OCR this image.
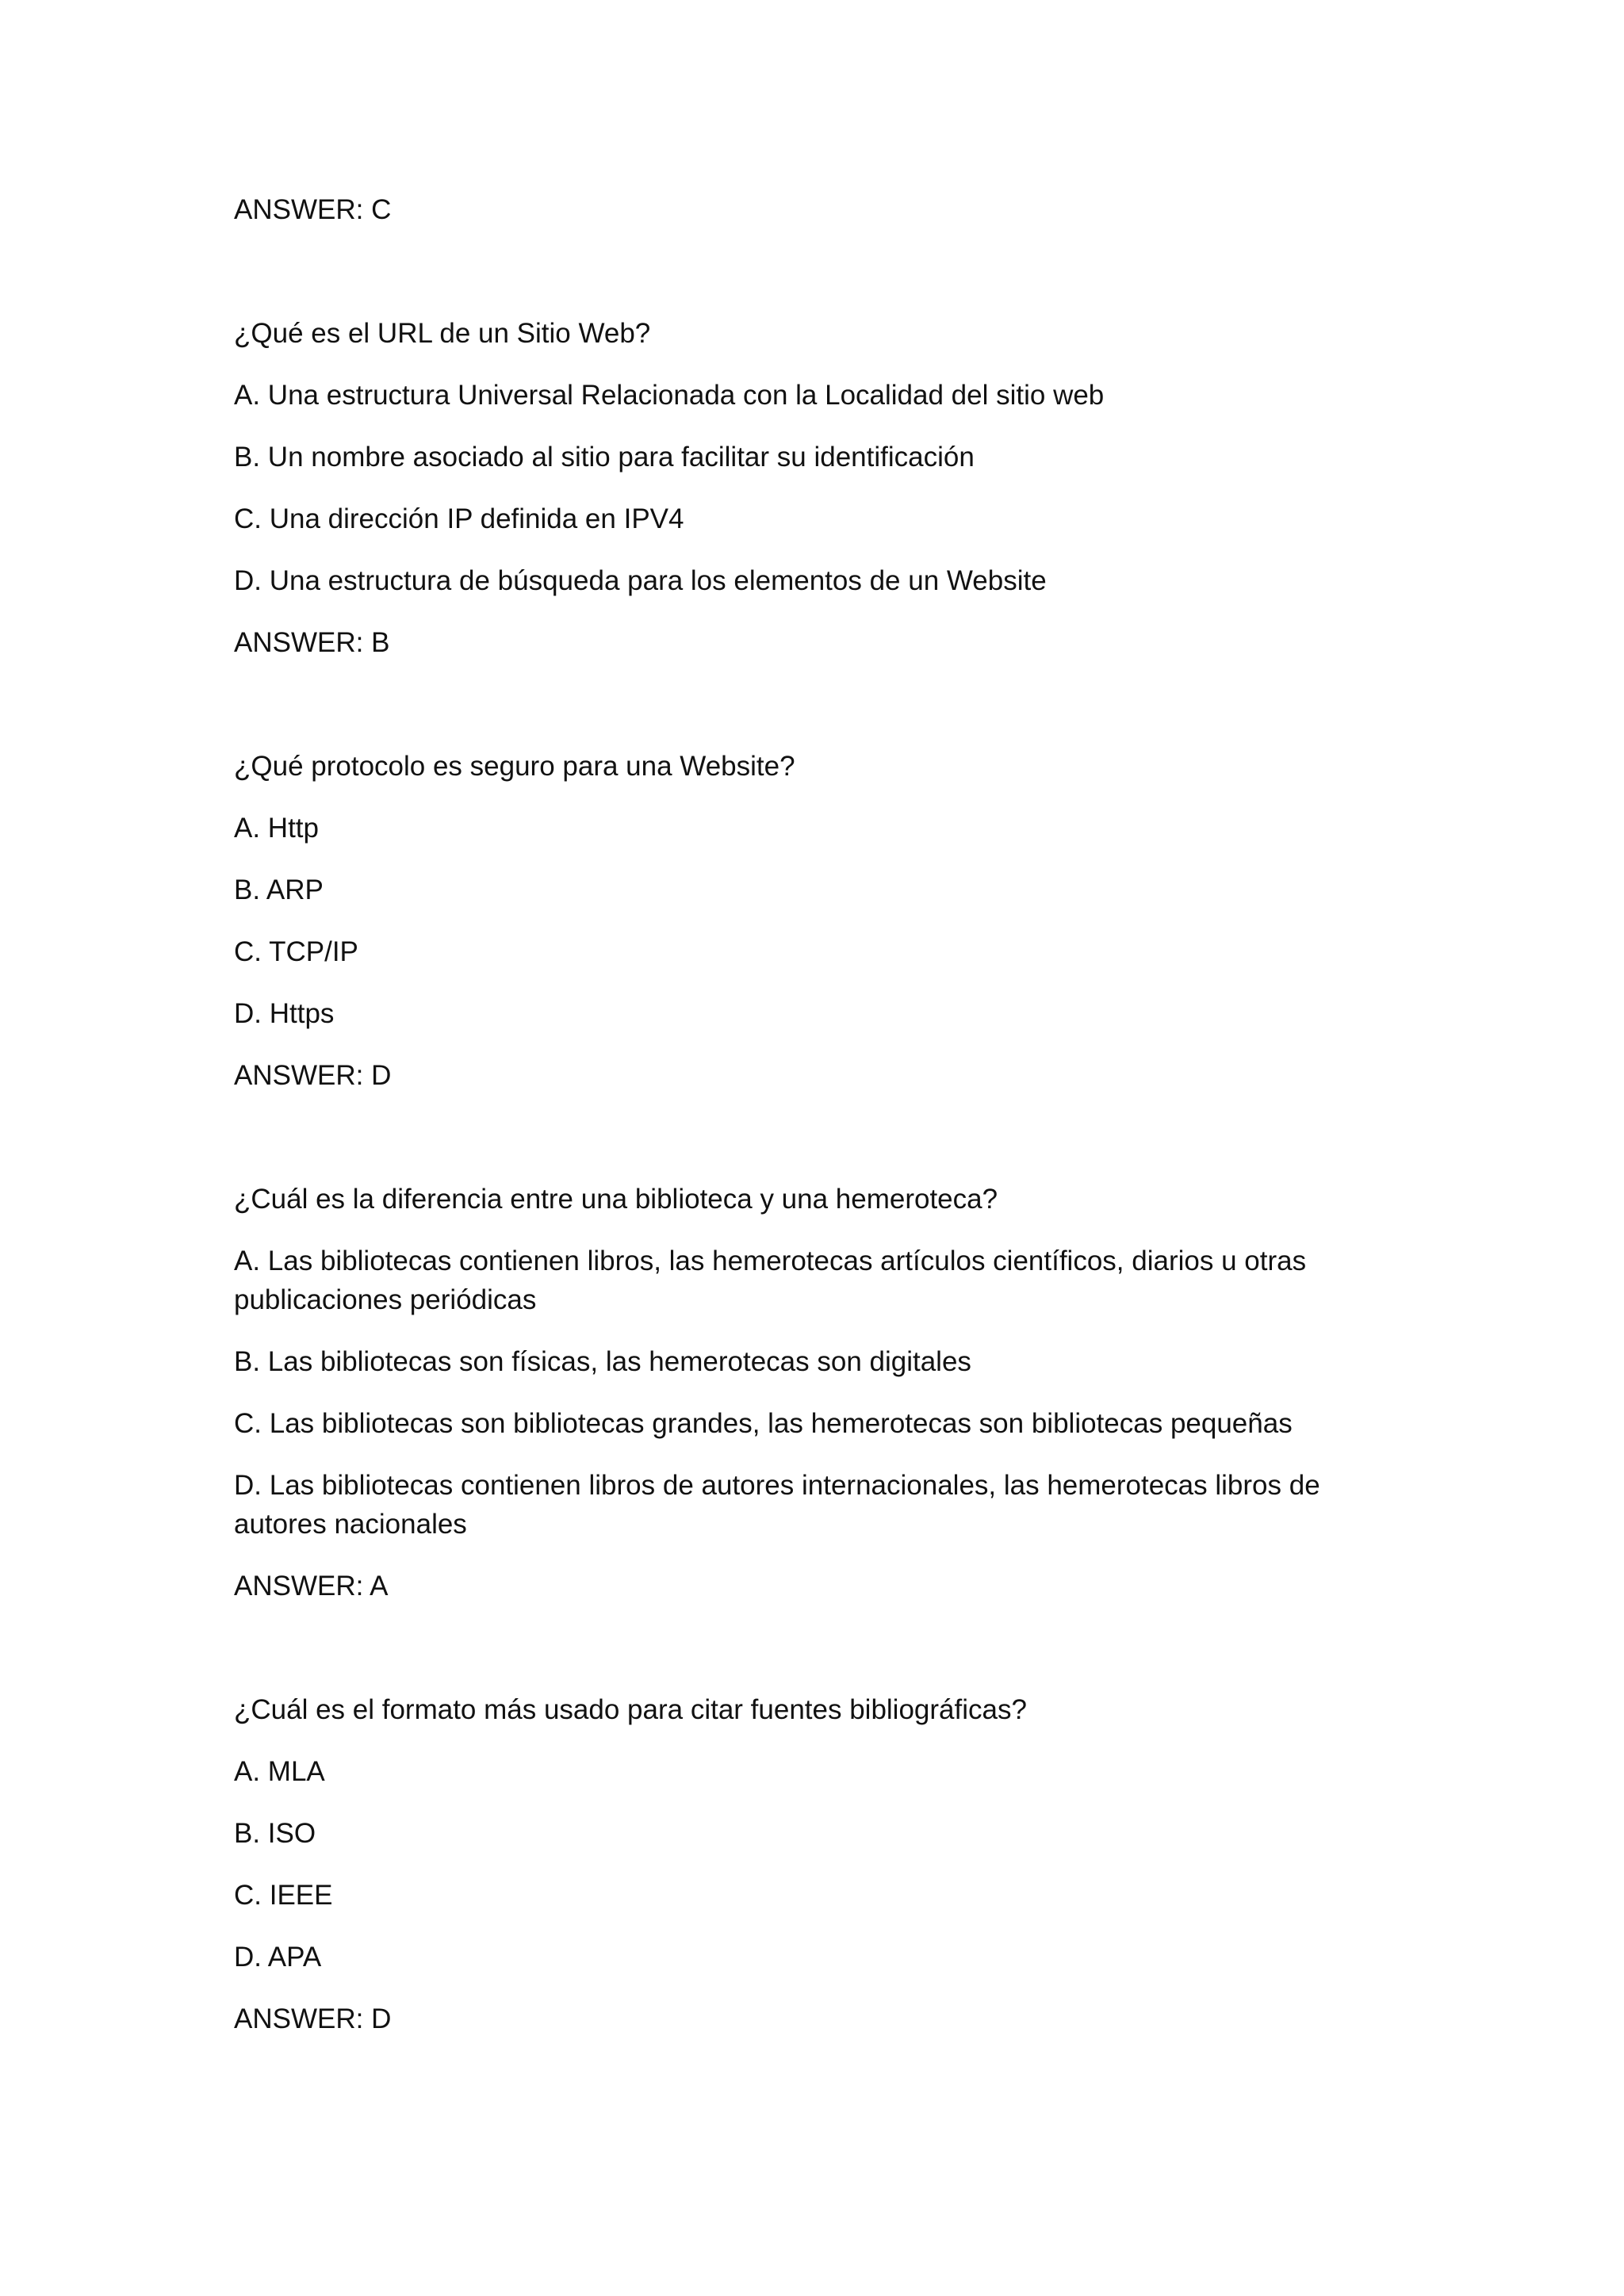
ANSWER: C

¿Qué es el URL de un Sitio Web?

A. Una estructura Universal Relacionada con la Localidad del sitio web

B. Un nombre asociado al sitio para facilitar su identificación

C. Una dirección IP definida en IPV4

D. Una estructura de búsqueda para los elementos de un Website

ANSWER: B

¿Qué protocolo es seguro para una Website?

A. Http

B. ARP

C. TCP/IP

D. Https

ANSWER: D

¿Cuál es la diferencia entre una biblioteca y una hemeroteca?

A. Las bibliotecas contienen libros, las hemerotecas artículos científicos, diarios u otras publicaciones periódicas

B. Las bibliotecas son físicas, las hemerotecas son digitales

C. Las bibliotecas son bibliotecas grandes, las hemerotecas son bibliotecas pequeñas

D. Las bibliotecas contienen libros de autores internacionales, las hemerotecas libros de autores nacionales

ANSWER: A

¿Cuál es el formato más usado para citar fuentes bibliográficas?

A. MLA

B. ISO

C. IEEE

D. APA

ANSWER: D
